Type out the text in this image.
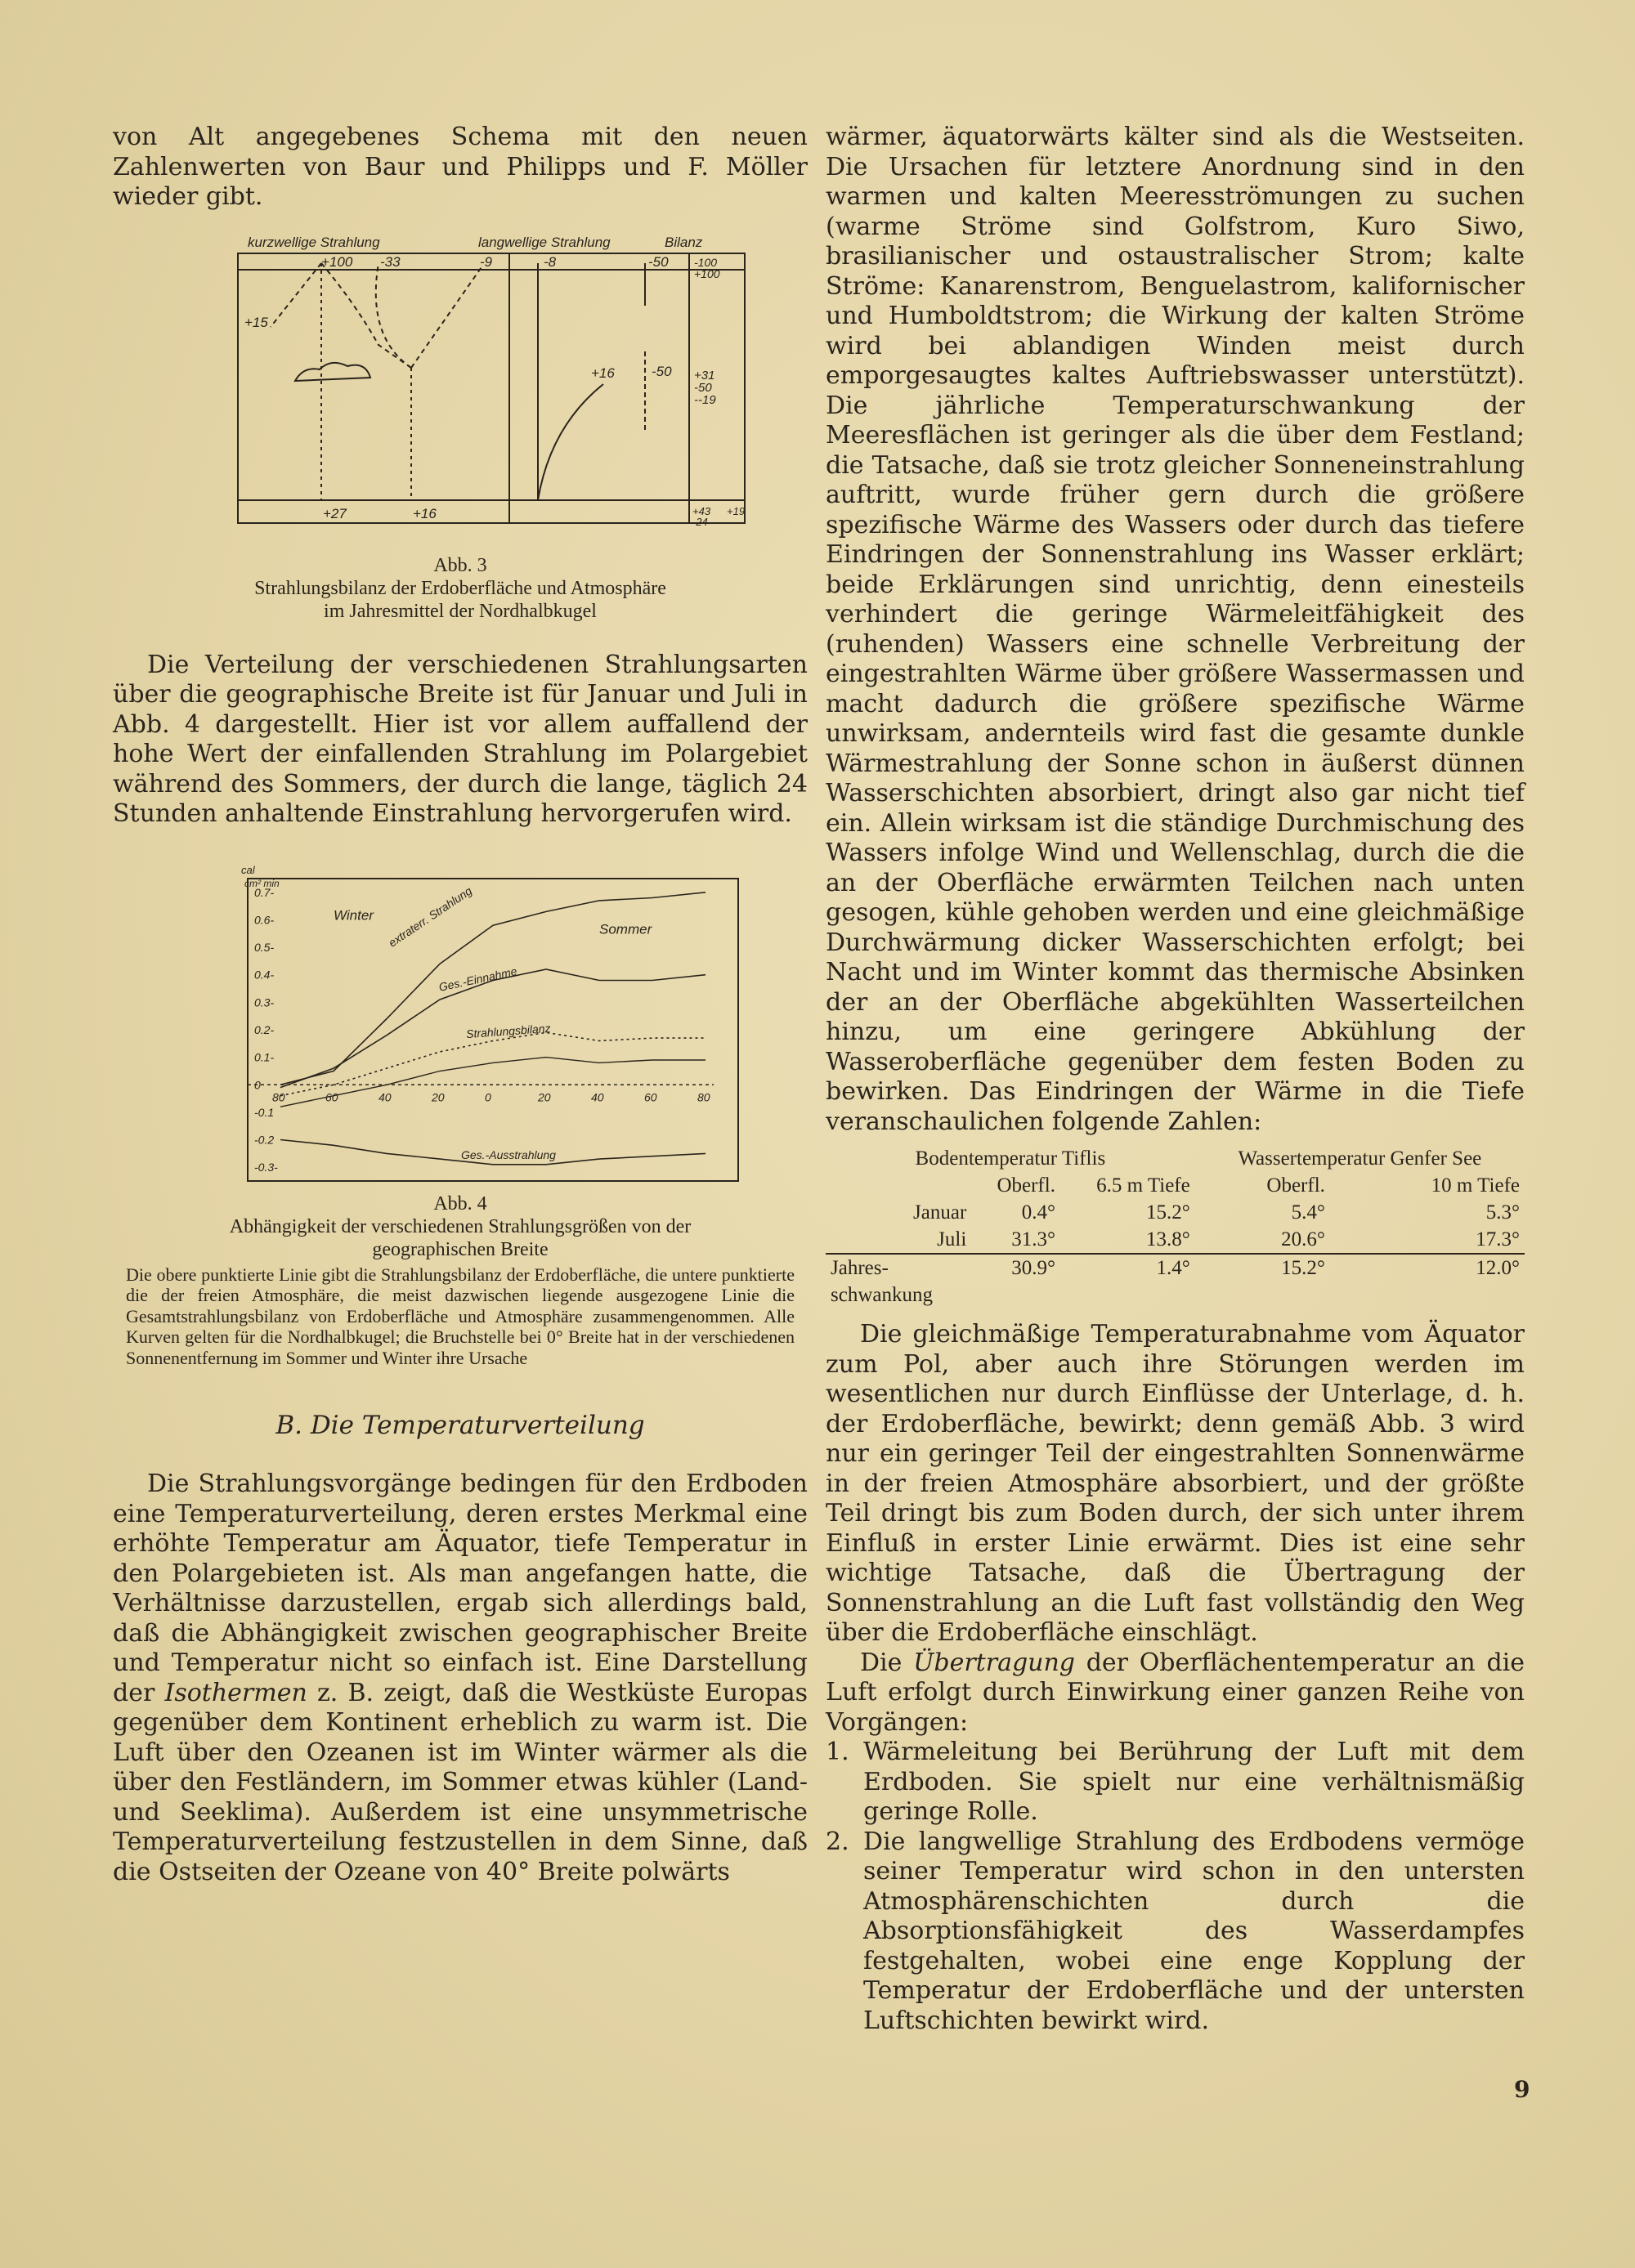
von Alt angegebenes Schema mit den neuen Zahlenwerten von Baur und Philipps und F. Möller wieder gibt.

kurzwellige Strahlung	langwellige Strahlung	Bilanz
+100 -33	-9	-8	-50 -100 +100
+15
+16	-50 +31 -50 --19
+27	+16	+43 -24
+19
Abb. 3
Strahlungsbilanz der Erdoberfläche und Atmosphäre
im Jahresmittel der Nordhalbkugel

Die Verteilung der verschiedenen Strahlungsarten über die geographische Breite ist für Januar und Juli in Abb. 4 dargestellt. Hier ist vor allem auffallend der hohe Wert der einfallenden Strahlung im Polargebiet während des Sommers, der durch die lange, täglich 24 Stunden anhaltende Einstrahlung hervorgerufen wird.

cal
cm² min
0.7-
0.6-
0.5-
0.4-
0.3-
0.2-
0.1-
0
-0.1
-0.2
-0.3-
80	60	40	20	0	20	40	60	80
Winter
Sommer
extraterr. Strahlung
Ges.-Einnahme
Strahlungsbilanz
Ges.-Ausstrahlung
Abb. 4
Abhängigkeit der verschiedenen Strahlungsgrößen von der
geographischen Breite

Die obere punktierte Linie gibt die Strahlungsbilanz der Erdoberfläche, die untere punktierte die der freien Atmosphäre, die meist dazwischen liegende ausgezogene Linie die Gesamtstrahlungsbilanz von Erdoberfläche und Atmosphäre zusammengenommen. Alle Kurven gelten für die Nordhalbkugel; die Bruchstelle bei 0° Breite hat in der verschiedenen Sonnenentfernung im Sommer und Winter ihre Ursache

B. Die Temperaturverteilung

Die Strahlungsvorgänge bedingen für den Erdboden eine Temperaturverteilung, deren erstes Merkmal eine erhöhte Temperatur am Äquator, tiefe Temperatur in den Polargebieten ist. Als man angefangen hatte, die Verhältnisse darzustellen, ergab sich allerdings bald, daß die Abhängigkeit zwischen geographischer Breite und Temperatur nicht so einfach ist. Eine Darstellung der Isothermen z. B. zeigt, daß die Westküste Europas gegenüber dem Kontinent erheblich zu warm ist. Die Luft über den Ozeanen ist im Winter wärmer als die über den Festländern, im Sommer etwas kühler (Land- und Seeklima). Außerdem ist eine unsymmetrische Temperaturverteilung festzustellen in dem Sinne, daß die Ostseiten der Ozeane von 40° Breite polwärts

wärmer, äquatorwärts kälter sind als die Westseiten. Die Ursachen für letztere Anordnung sind in den warmen und kalten Meeresströmungen zu suchen (warme Ströme sind Golfstrom, Kuro Siwo, brasilianischer und ostaustralischer Strom; kalte Ströme: Kanarenstrom, Benguelastrom, kalifornischer und Humboldtstrom; die Wirkung der kalten Ströme wird bei ablandigen Winden meist durch emporgesaugtes kaltes Auftriebswasser unterstützt). Die jährliche Temperaturschwankung der Meeresflächen ist geringer als die über dem Festland; die Tatsache, daß sie trotz gleicher Sonneneinstrahlung auftritt, wurde früher gern durch die größere spezifische Wärme des Wassers oder durch das tiefere Eindringen der Sonnenstrahlung ins Wasser erklärt; beide Erklärungen sind unrichtig, denn einesteils verhindert die geringe Wärmeleitfähigkeit des (ruhenden) Wassers eine schnelle Verbreitung der eingestrahlten Wärme über größere Wassermassen und macht dadurch die größere spezifische Wärme unwirksam, andernteils wird fast die gesamte dunkle Wärmestrahlung der Sonne schon in äußerst dünnen Wasserschichten absorbiert, dringt also gar nicht tief ein. Allein wirksam ist die ständige Durchmischung des Wassers infolge Wind und Wellenschlag, durch die die an der Oberfläche erwärmten Teilchen nach unten gesogen, kühle gehoben werden und eine gleichmäßige Durchwärmung dicker Wasserschichten erfolgt; bei Nacht und im Winter kommt das thermische Absinken der an der Oberfläche abgekühlten Wasserteilchen hinzu, um eine geringere Abkühlung der Wasseroberfläche gegenüber dem festen Boden zu bewirken. Das Eindringen der Wärme in die Tiefe veranschaulichen folgende Zahlen:

Bodentemperatur Tiflis			Wassertemperatur Genfer See	
	Oberfl.	6.5 m Tiefe	Oberfl.	10 m Tiefe
Januar	0.4°	15.2°	5.4°	5.3°
Juli	31.3°	13.8°	20.6°	17.3°
Jahres-
schwankung	30.9°	1.4°	15.2°	12.0°

Die gleichmäßige Temperaturabnahme vom Äquator zum Pol, aber auch ihre Störungen werden im wesentlichen nur durch Einflüsse der Unterlage, d. h. der Erdoberfläche, bewirkt; denn gemäß Abb. 3 wird nur ein geringer Teil der eingestrahlten Sonnenwärme in der freien Atmosphäre absorbiert, und der größte Teil dringt bis zum Boden durch, der sich unter ihrem Einfluß in erster Linie erwärmt. Dies ist eine sehr wichtige Tatsache, daß die Übertragung der Sonnenstrahlung an die Luft fast vollständig den Weg über die Erdoberfläche einschlägt.

Die Übertragung der Oberflächentemperatur an die Luft erfolgt durch Einwirkung einer ganzen Reihe von Vorgängen:

1. Wärmeleitung bei Berührung der Luft mit dem Erdboden. Sie spielt nur eine verhältnismäßig geringe Rolle.
2. Die langwellige Strahlung des Erdbodens vermöge seiner Temperatur wird schon in den untersten Atmosphärenschichten durch die Absorptionsfähigkeit des Wasserdampfes festgehalten, wobei eine enge Kopplung der Temperatur der Erdoberfläche und der untersten Luftschichten bewirkt wird.
9
